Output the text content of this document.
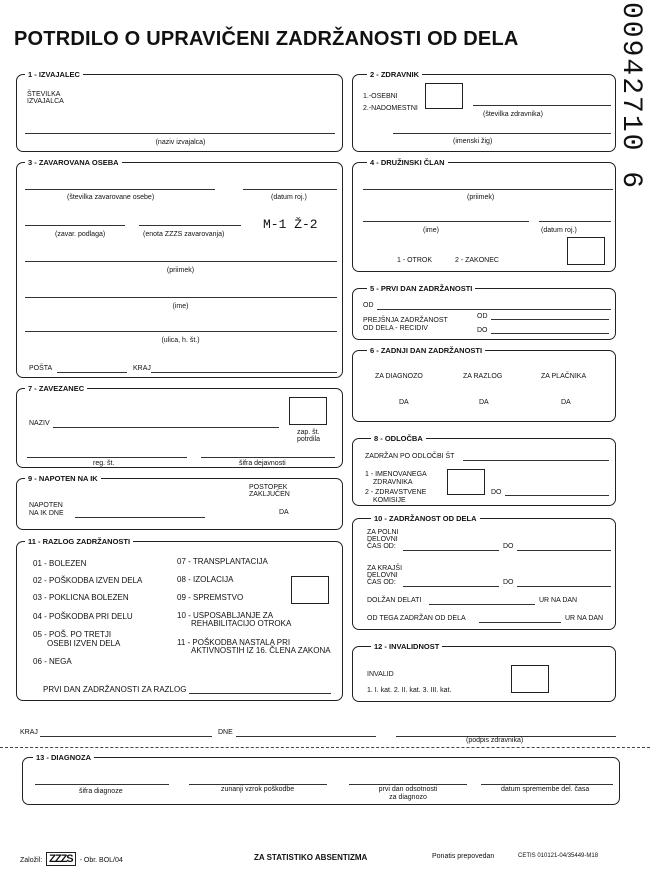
POTRDILO O UPRAVIČENI ZADRŽANOSTI OD DELA	00942710 6
1 - IZVAJALEC
ŠTEVILKA
IZVAJALCA
(naziv izvajalca)
2 - ZDRAVNIK
1.-OSEBNI
2.-NADOMESTNI
(številka zdravnika)
(imenski žig)
3 - ZAVAROVANA OSEBA
(številka zavarovane osebe)	(datum roj.)
(zavar. podlaga)	(enota ZZZS zavarovanja)
M-1 Ž-2
(priimek)
(ime)
(ulica, h. št.)
POŠTA	KRAJ
4 - DRUŽINSKI ČLAN
(priimek)
(ime)	(datum roj.)
1 - OTROK	2 - ZAKONEC
5 - PRVI DAN ZADRŽANOSTI
OD
PREJŠNJA ZADRŽANOST
OD DELA - RECIDIV
OD
DO
6 - ZADNJI DAN ZADRŽANOSTI
ZA DIAGNOZO	ZA RAZLOG	ZA PLAČNIKA
DA	DA	DA
7 - ZAVEZANEC
NAZIV
zap. št.
potrdila
reg. št.	šifra dejavnosti
8 - ODLOČBA
ZADRŽAN PO ODLOČBI ŠT
1 - IMENOVANEGA
ZDRAVNIKA
2 - ZDRAVSTVENE
KOMISIJE
DO
9 - NAPOTEN NA IK
NAPOTEN
NA IK DNE
POSTOPEK
ZAKLJUČEN
DA
10 - ZADRŽANOST OD DELA
ZA POLNI
DELOVNI
ČAS OD:	DO
ZA KRAJŠI
DELOVNI
ČAS OD:	DO
DOLŽAN DELATI	UR NA DAN
OD TEGA ZADRŽAN OD DELA	UR NA DAN
11 - RAZLOG ZADRŽANOSTI
01 - BOLEZEN
02 - POŠKODBA IZVEN DELA
03 - POKLICNA BOLEZEN
04 - POŠKODBA PRI DELU
05 - POŠ. PO TRETJI
OSEBI IZVEN DELA
06 - NEGA
07 - TRANSPLANTACIJA
08 - IZOLACIJA
09 - SPREMSTVO
10 - USPOSABLJANJE ZA
REHABILITACIJO OTROKA
11 - POŠKODBA NASTALA PRI
AKTIVNOSTIH IZ 16. ČLENA ZAKONA
PRVI DAN ZADRŽANOSTI ZA RAZLOG
12 - INVALIDNOST
INVALID
1. I. kat. 2. II. kat. 3. III. kat.
KRAJ	DNE
(podpis zdravnika)
13 - DIAGNOZA
šifra diagnoze	zunanji vzrok poškodbe	prvi dan odsotnosti
za diagnozo
datum spremembe del. časa
Založil: ZZZS - Obr. BOL/04	ZA STATISTIKO ABSENTIZMA	Ponatis prepovedan	CETIS 010121-04/35449-M18
